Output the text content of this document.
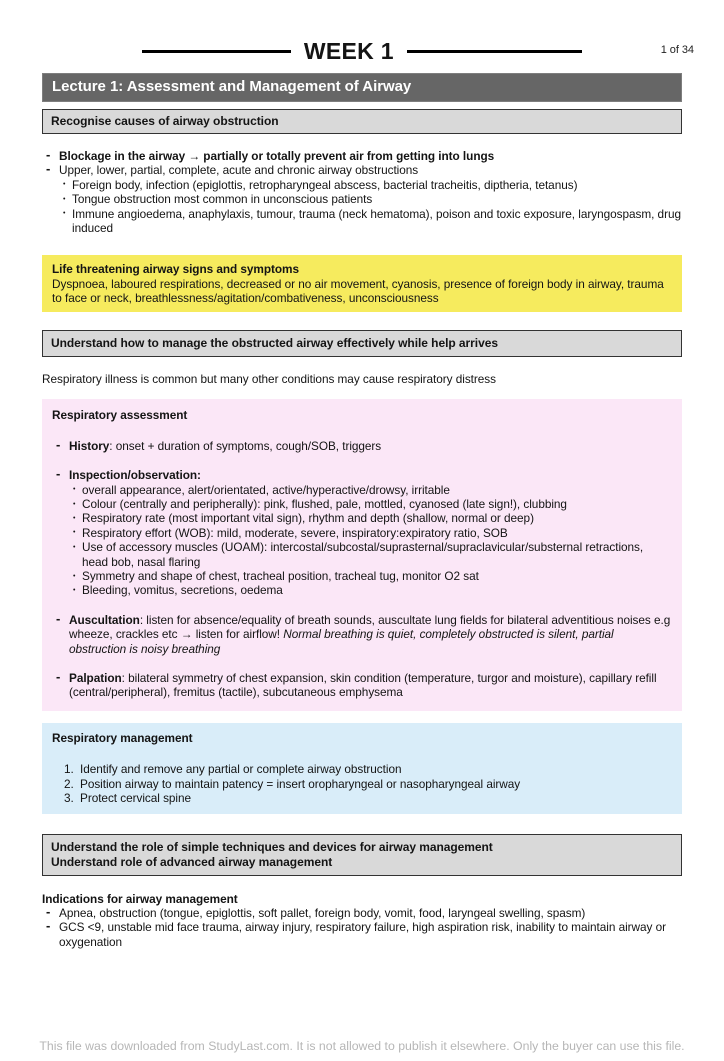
1 of 34
WEEK 1
Lecture 1: Assessment and Management of Airway
Recognise causes of airway obstruction
- Blockage in the airway → partially or totally prevent air from getting into lungs
- Upper, lower, partial, complete, acute and chronic airway obstructions
• Foreign body, infection (epiglottis, retropharyngeal abscess, bacterial tracheitis, diptheria, tetanus)
• Tongue obstruction most common in unconscious patients
• Immune angioedema, anaphylaxis, tumour, trauma (neck hematoma), poison and toxic exposure, laryngospasm, drug induced
Life threatening airway signs and symptoms
Dyspnoea, laboured respirations, decreased or no air movement, cyanosis, presence of foreign body in airway, trauma to face or neck, breathlessness/agitation/combativeness, unconsciousness
Understand how to manage the obstructed airway effectively while help arrives

Respiratory illness is common but many other conditions may cause respiratory distress

Respiratory assessment
- History: onset + duration of symptoms, cough/SOB, triggers
- Inspection/observation:
• overall appearance, alert/orientated, active/hyperactive/drowsy, irritable
• Colour (centrally and peripherally): pink, flushed, pale, mottled, cyanosed (late sign!), clubbing
• Respiratory rate (most important vital sign), rhythm and depth (shallow, normal or deep)
• Respiratory effort (WOB): mild, moderate, severe, inspiratory:expiratory ratio, SOB
• Use of accessory muscles (UOAM): intercostal/subcostal/suprasternal/supraclavicular/substernal retractions, head bob, nasal flaring
• Symmetry and shape of chest, tracheal position, tracheal tug, monitor O2 sat
• Bleeding, vomitus, secretions, oedema
- Auscultation: listen for absence/equality of breath sounds, auscultate lung fields for bilateral adventitious noises e.g wheeze, crackles etc → listen for airflow! Normal breathing is quiet, completely obstructed is silent, partial obstruction is noisy breathing
- Palpation: bilateral symmetry of chest expansion, skin condition (temperature, turgor and moisture), capillary refill (central/peripheral), fremitus (tactile), subcutaneous emphysema
Respiratory management
1. Identify and remove any partial or complete airway obstruction
2. Position airway to maintain patency = insert oropharyngeal or nasopharyngeal airway
3. Protect cervical spine
Understand the role of simple techniques and devices for airway management
Understand role of advanced airway management
Indications for airway management
- Apnea, obstruction (tongue, epiglottis, soft pallet, foreign body, vomit, food, laryngeal swelling, spasm)
- GCS <9, unstable mid face trauma, airway injury, respiratory failure, high aspiration risk, inability to maintain airway or oxygenation
This file was downloaded from StudyLast.com. It is not allowed to publish it elsewhere. Only the buyer can use this file.
